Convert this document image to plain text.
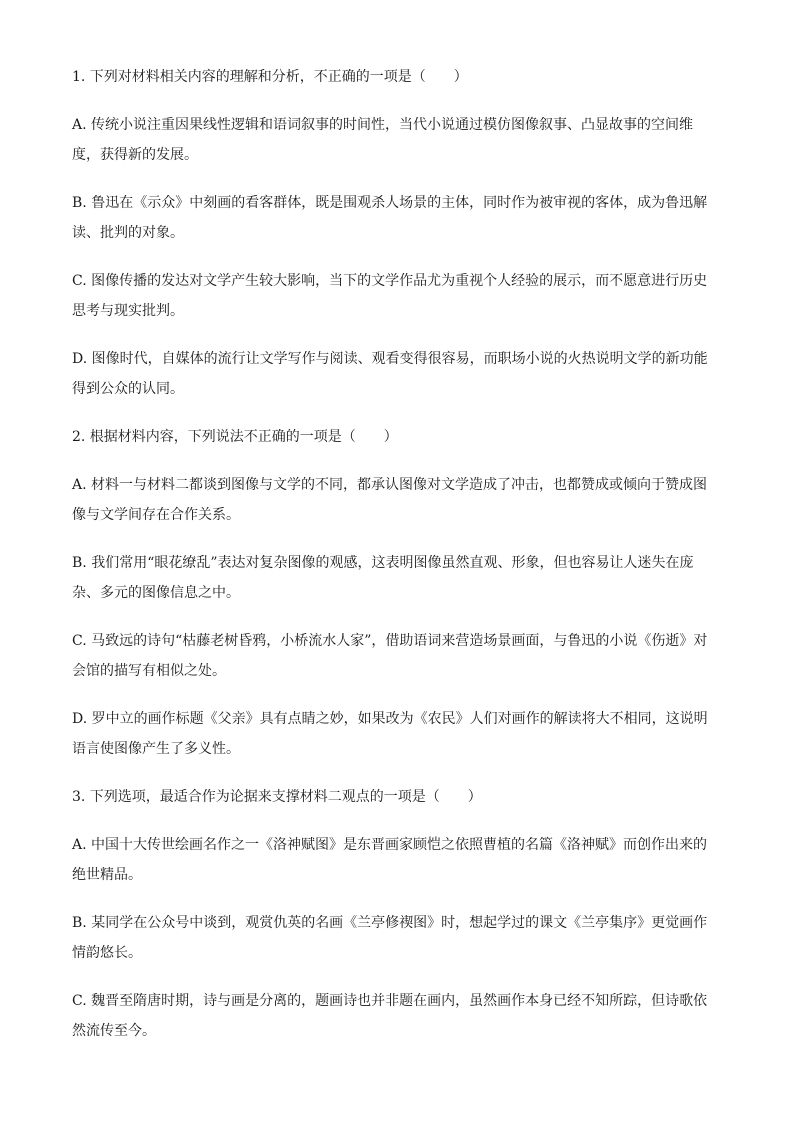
1. 下列对材料相关内容的理解和分析，不正确的一项是（　　）

A. 传统小说注重因果线性逻辑和语词叙事的时间性，当代小说通过模仿图像叙事、凸显故事的空间维度，获得新的发展。

B. 鲁迅在《示众》中刻画的看客群体，既是围观杀人场景的主体，同时作为被审视的客体，成为鲁迅解读、批判的对象。

C. 图像传播的发达对文学产生较大影响，当下的文学作品尤为重视个人经验的展示，而不愿意进行历史思考与现实批判。

D. 图像时代，自媒体的流行让文学写作与阅读、观看变得很容易，而职场小说的火热说明文学的新功能得到公众的认同。

2. 根据材料内容，下列说法不正确的一项是（　　）

A. 材料一与材料二都谈到图像与文学的不同，都承认图像对文学造成了冲击，也都赞成或倾向于赞成图像与文学间存在合作关系。

B. 我们常用“眼花缭乱”表达对复杂图像的观感，这表明图像虽然直观、形象，但也容易让人迷失在庞杂、多元的图像信息之中。

C. 马致远的诗句“枯藤老树昏鸦，小桥流水人家”，借助语词来营造场景画面，与鲁迅的小说《伤逝》对会馆的描写有相似之处。

D. 罗中立的画作标题《父亲》具有点睛之妙，如果改为《农民》人们对画作的解读将大不相同，这说明语言使图像产生了多义性。

3. 下列选项，最适合作为论据来支撑材料二观点的一项是（　　）

A. 中国十大传世绘画名作之一《洛神赋图》是东晋画家顾恺之依照曹植的名篇《洛神赋》而创作出来的绝世精品。

B. 某同学在公众号中谈到，观赏仇英的名画《兰亭修禊图》时，想起学过的课文《兰亭集序》更觉画作情韵悠长。

C. 魏晋至隋唐时期，诗与画是分离的，题画诗也并非题在画内，虽然画作本身已经不知所踪，但诗歌依然流传至今。
